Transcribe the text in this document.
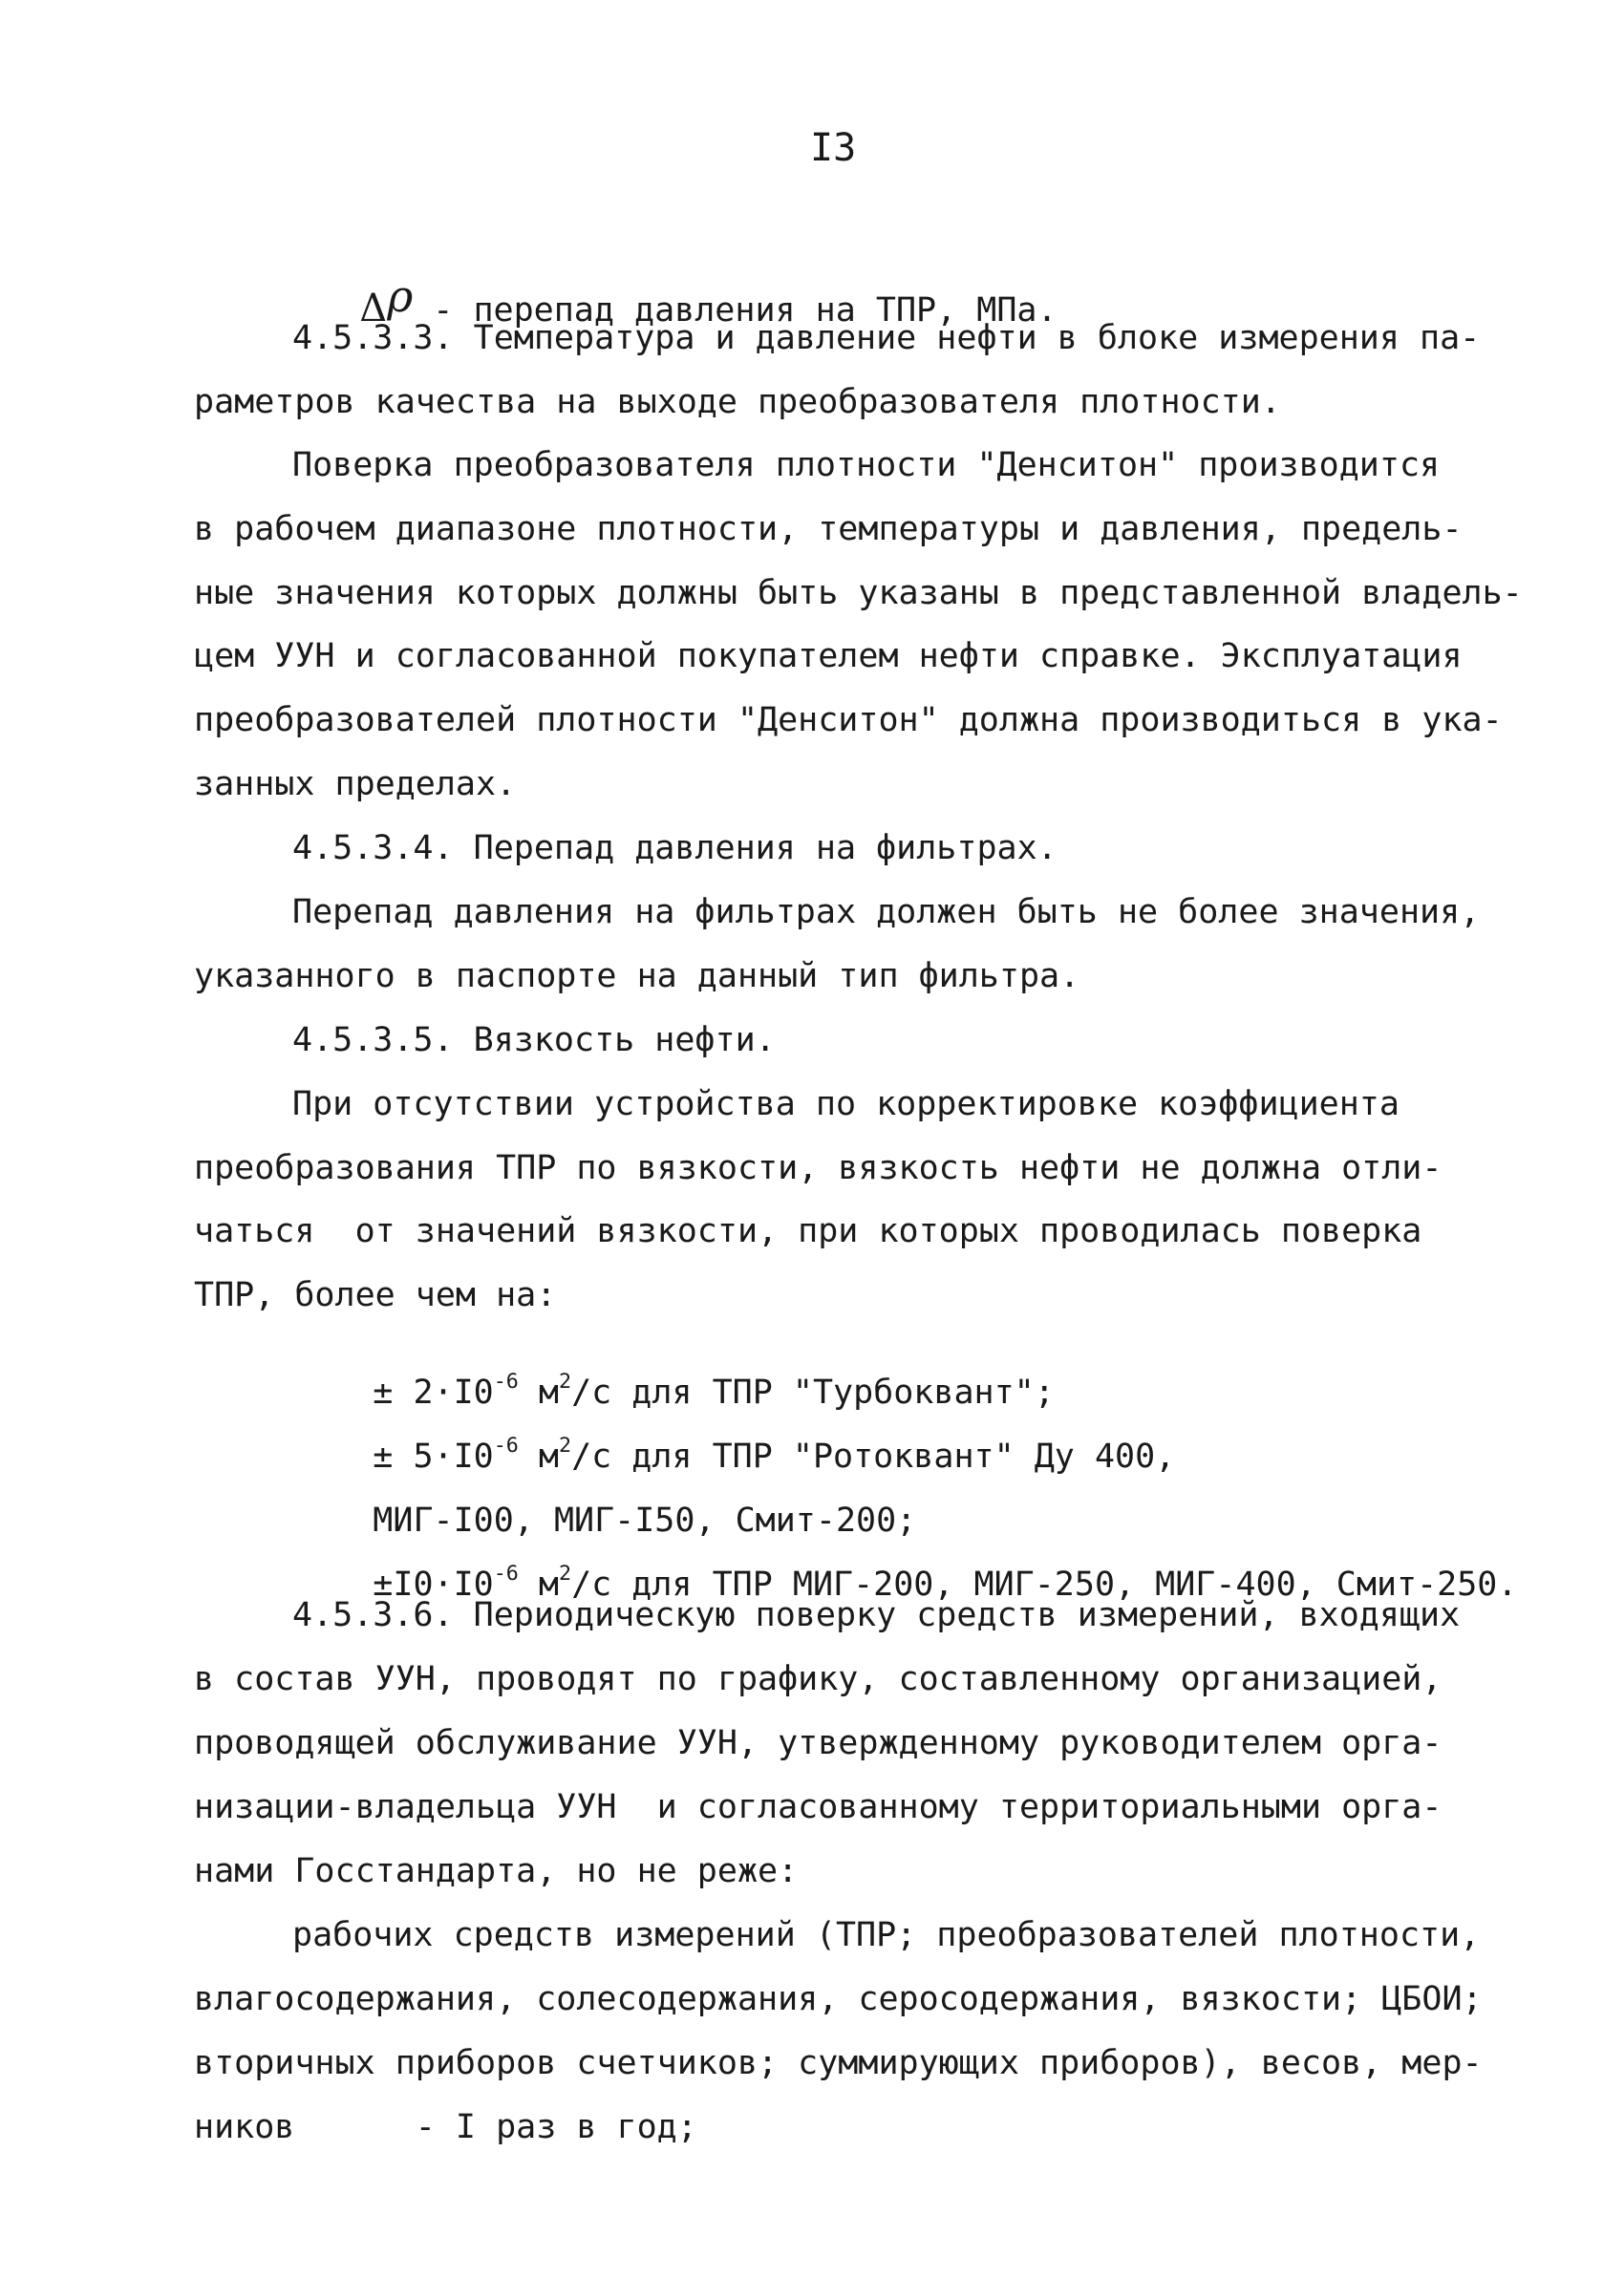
I3

Δρ - перепад давления на ТПР, МПа.

4.5.3.3. Температура и давление нефти в блоке измерения па-
раметров качества на выходе преобразователя плотности.
Поверка преобразователя плотности "Денситон" производится
в рабочем диапазоне плотности, температуры и давления, предель-
ные значения которых должны быть указаны в представленной владель-
цем УУН и согласованной покупателем нефти справке. Эксплуатация
преобразователей плотности "Денситон" должна производиться в ука-
занных пределах.
4.5.3.4. Перепад давления на фильтрах.
Перепад давления на фильтрах должен быть не более значения,
указанного в паспорте на данный тип фильтра.
4.5.3.5. Вязкость нефти.
При отсутствии устройства по корректировке коэффициента
преобразования ТПР по вязкости, вязкость нефти не должна отли-
чаться  от значений вязкости, при которых проводилась поверка
ТПР, более чем на:

± $2\cdot I0^{-6}$ $м^2/с$ для ТПР "Турбоквант";

± $5\cdot I0^{-6}$ $м^2/с$ для ТПР "Ротоквант" Ду 400,

МИГ-I00, МИГ-I50, Смит-200;

$\pm I0\cdot I0^{-6}$ $м^2/с$ для ТПР МИГ-200, МИГ-250, МИГ-400, Смит-250.

4.5.3.6. Периодическую поверку средств измерений, входящих
в состав УУН, проводят по графику, составленному организацией,
проводящей обслуживание УУН, утвержденному руководителем орга-
низации-владельца УУН  и согласованному территориальными орга-
нами Госстандарта, но не реже:
рабочих средств измерений (ТПР; преобразователей плотности,
влагосодержания, солесодержания, серосодержания, вязкости; ЦБОИ;
вторичных приборов счетчиков; суммирующих приборов), весов, мер-
ников      - I раз в год;
